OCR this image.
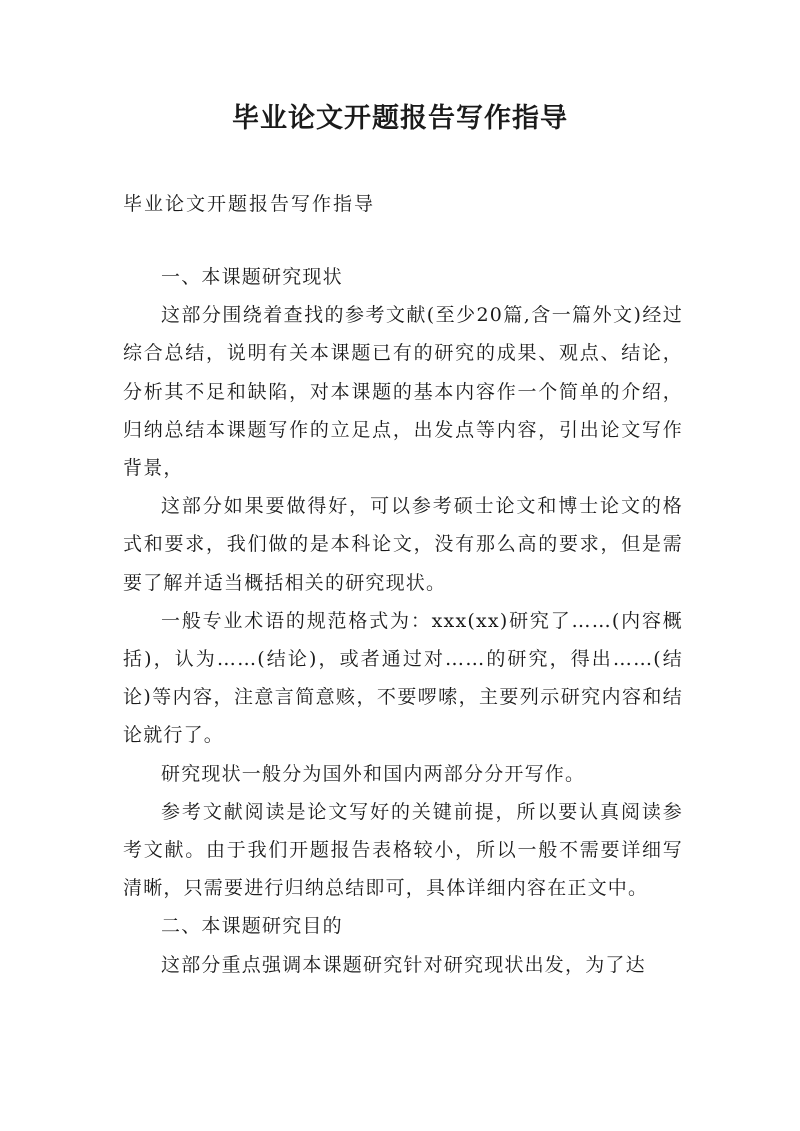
毕业论文开题报告写作指导

毕业论文开题报告写作指导

一、本课题研究现状

这部分围绕着查找的参考文献(至少20篇,含一篇外文)经过综合总结，说明有关本课题已有的研究的成果、观点、结论，分析其不足和缺陷，对本课题的基本内容作一个简单的介绍，归纳总结本课题写作的立足点，出发点等内容，引出论文写作背景，

这部分如果要做得好，可以参考硕士论文和博士论文的格式和要求，我们做的是本科论文，没有那么高的要求，但是需要了解并适当概括相关的研究现状。

一般专业术语的规范格式为：xxx(xx)研究了……(内容概括)，认为……(结论)，或者通过对……的研究，得出……(结论)等内容，注意言简意赅，不要啰嗦，主要列示研究内容和结论就行了。

研究现状一般分为国外和国内两部分分开写作。

参考文献阅读是论文写好的关键前提，所以要认真阅读参考文献。由于我们开题报告表格较小，所以一般不需要详细写清晰，只需要进行归纳总结即可，具体详细内容在正文中。

二、本课题研究目的

这部分重点强调本课题研究针对研究现状出发，为了达
